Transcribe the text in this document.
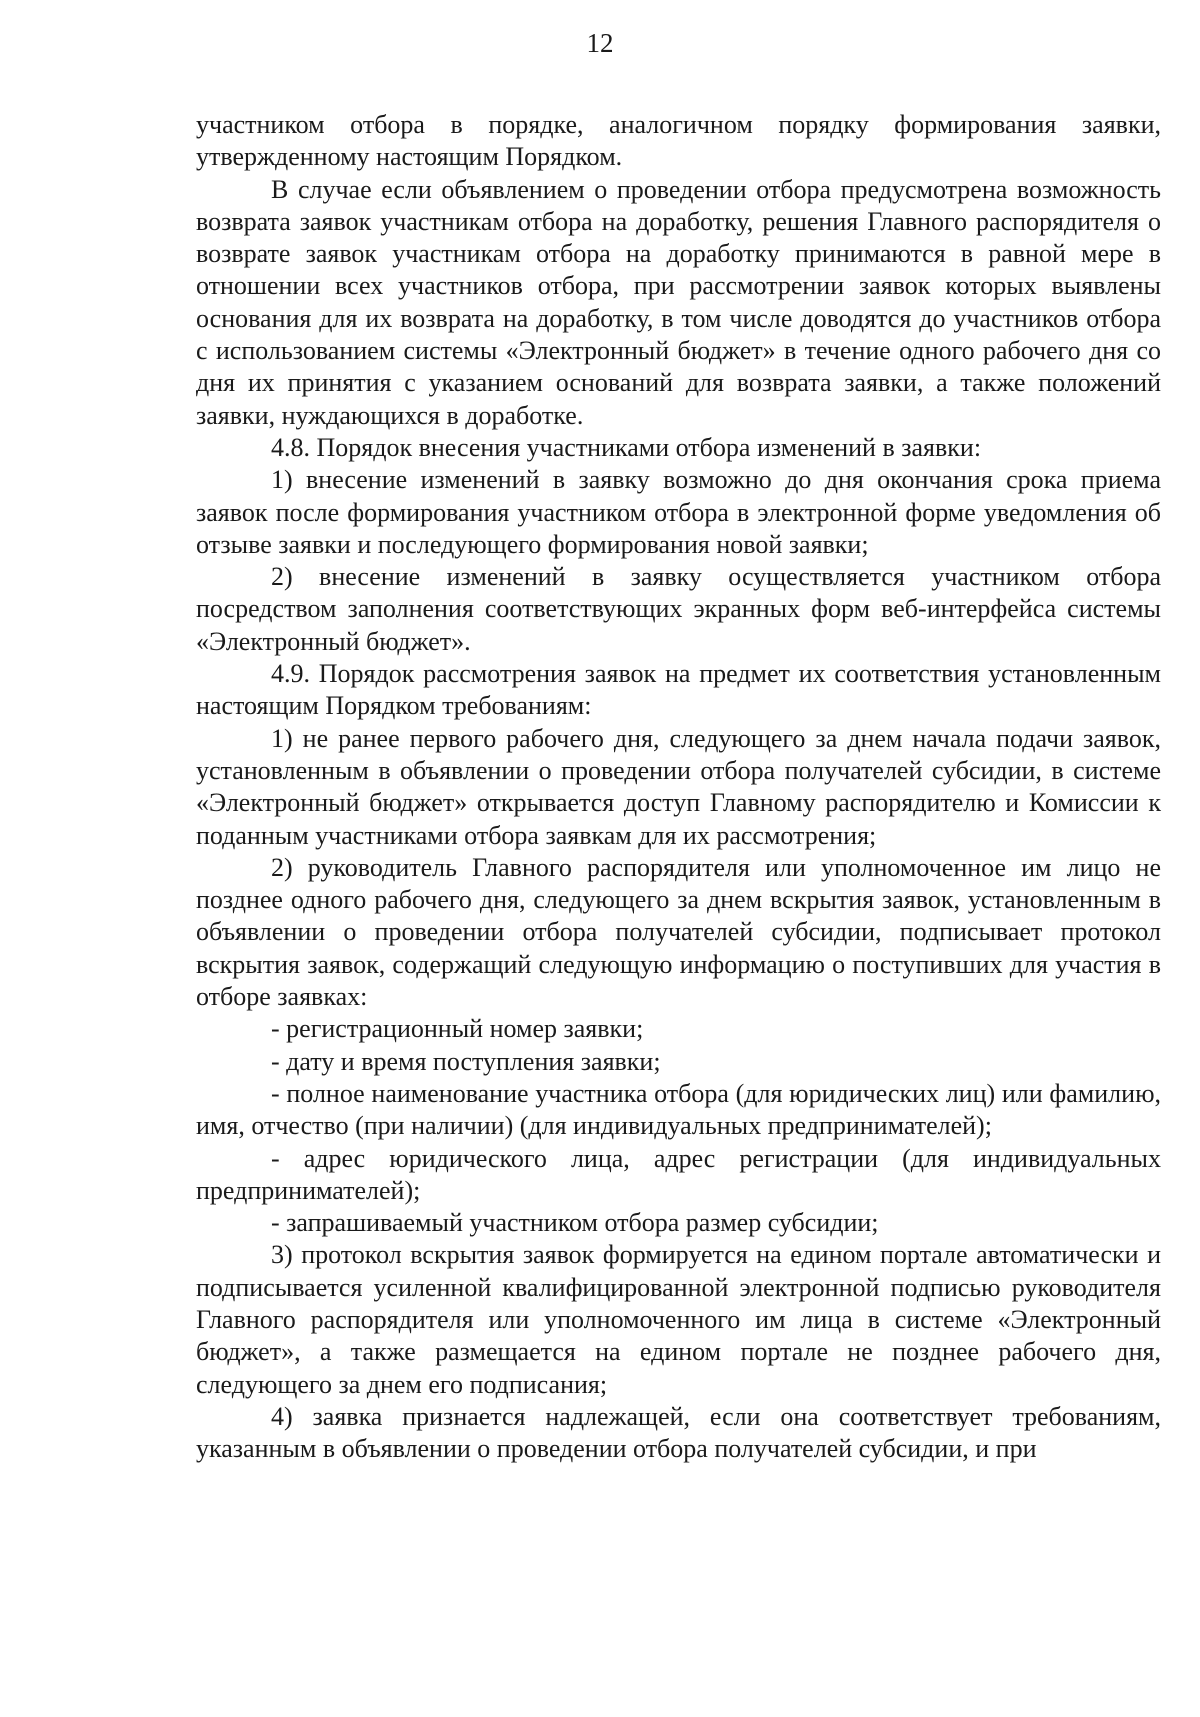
12

участником отбора в порядке, аналогичном порядку формирования заявки, утвержденному настоящим Порядком.

В случае если объявлением о проведении отбора предусмотрена возможность возврата заявок участникам отбора на доработку, решения Главного распорядителя о возврате заявок участникам отбора на доработку принимаются в равной мере в отношении всех участников отбора, при рассмотрении заявок которых выявлены основания для их возврата на доработку, в том числе доводятся до участников отбора с использованием системы «Электронный бюджет» в течение одного рабочего дня со дня их принятия с указанием оснований для возврата заявки, а также положений заявки, нуждающихся в доработке.

4.8. Порядок внесения участниками отбора изменений в заявки:

1) внесение изменений в заявку возможно до дня окончания срока приема заявок после формирования участником отбора в электронной форме уведомления об отзыве заявки и последующего формирования новой заявки;

2) внесение изменений в заявку осуществляется участником отбора посредством заполнения соответствующих экранных форм веб-интерфейса системы «Электронный бюджет».

4.9. Порядок рассмотрения заявок на предмет их соответствия установленным настоящим Порядком требованиям:

1) не ранее первого рабочего дня, следующего за днем начала подачи заявок, установленным в объявлении о проведении отбора получателей субсидии, в системе «Электронный бюджет» открывается доступ Главному распорядителю и Комиссии к поданным участниками отбора заявкам для их рассмотрения;

2) руководитель Главного распорядителя или уполномоченное им лицо не позднее одного рабочего дня, следующего за днем вскрытия заявок, установленным в объявлении о проведении отбора получателей субсидии, подписывает протокол вскрытия заявок, содержащий следующую информацию о поступивших для участия в отборе заявках:

- регистрационный номер заявки;

- дату и время поступления заявки;

- полное наименование участника отбора (для юридических лиц) или фамилию, имя, отчество (при наличии) (для индивидуальных предпринимателей);

- адрес юридического лица, адрес регистрации (для индивидуальных предпринимателей);

- запрашиваемый участником отбора размер субсидии;

3) протокол вскрытия заявок формируется на едином портале автоматически и подписывается усиленной квалифицированной электронной подписью руководителя Главного распорядителя или уполномоченного им лица в системе «Электронный бюджет», а также размещается на едином портале не позднее рабочего дня, следующего за днем его подписания;

4) заявка признается надлежащей, если она соответствует требованиям, указанным в объявлении о проведении отбора получателей субсидии, и при
